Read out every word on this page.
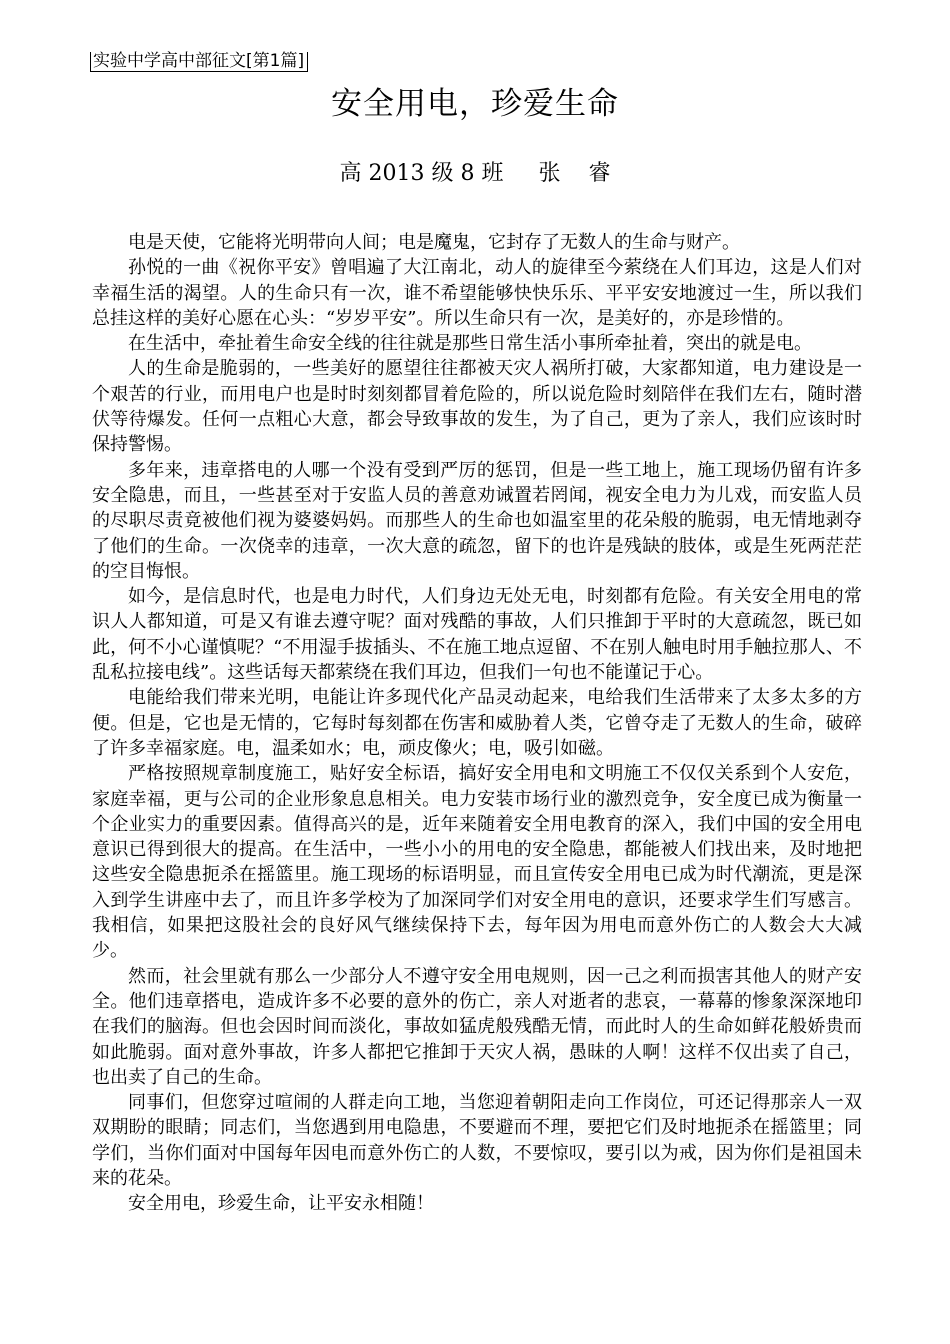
实验中学高中部征文[第1篇]
安全用电，珍爱生命
高 2013 级 8 班     张    睿

电是天使，它能将光明带向人间；电是魔鬼，它封存了无数人的生命与财产。

孙悦的一曲《祝你平安》曾唱遍了大江南北，动人的旋律至今萦绕在人们耳边，这是人们对幸福生活的渴望。人的生命只有一次，谁不希望能够快快乐乐、平平安安地渡过一生，所以我们总挂这样的美好心愿在心头：“岁岁平安”。所以生命只有一次，是美好的，亦是珍惜的。

在生活中，牵扯着生命安全线的往往就是那些日常生活小事所牵扯着，突出的就是电。

人的生命是脆弱的，一些美好的愿望往往都被天灾人祸所打破，大家都知道，电力建设是一个艰苦的行业，而用电户也是时时刻刻都冒着危险的，所以说危险时刻陪伴在我们左右，随时潜伏等待爆发。任何一点粗心大意，都会导致事故的发生，为了自己，更为了亲人，我们应该时时保持警惕。

多年来，违章搭电的人哪一个没有受到严厉的惩罚，但是一些工地上，施工现场仍留有许多安全隐患，而且，一些甚至对于安监人员的善意劝诫置若罔闻，视安全电力为儿戏，而安监人员的尽职尽责竟被他们视为婆婆妈妈。而那些人的生命也如温室里的花朵般的脆弱，电无情地剥夺了他们的生命。一次侥幸的违章，一次大意的疏忽，留下的也许是残缺的肢体，或是生死两茫茫的空目悔恨。

如今，是信息时代，也是电力时代，人们身边无处无电，时刻都有危险。有关安全用电的常识人人都知道，可是又有谁去遵守呢？面对残酷的事故，人们只推卸于平时的大意疏忽，既已如此，何不小心谨慎呢？“不用湿手拔插头、不在施工地点逗留、不在别人触电时用手触拉那人、不乱私拉接电线”。这些话每天都萦绕在我们耳边，但我们一句也不能谨记于心。

电能给我们带来光明，电能让许多现代化产品灵动起来，电给我们生活带来了太多太多的方便。但是，它也是无情的，它每时每刻都在伤害和威胁着人类，它曾夺走了无数人的生命，破碎了许多幸福家庭。电，温柔如水；电，顽皮像火；电，吸引如磁。

严格按照规章制度施工，贴好安全标语，搞好安全用电和文明施工不仅仅关系到个人安危，家庭幸福，更与公司的企业形象息息相关。电力安装市场行业的激烈竞争，安全度已成为衡量一个企业实力的重要因素。值得高兴的是，近年来随着安全用电教育的深入，我们中国的安全用电意识已得到很大的提高。在生活中，一些小小的用电的安全隐患，都能被人们找出来，及时地把这些安全隐患扼杀在摇篮里。施工现场的标语明显，而且宣传安全用电已成为时代潮流，更是深入到学生讲座中去了，而且许多学校为了加深同学们对安全用电的意识，还要求学生们写感言。我相信，如果把这股社会的良好风气继续保持下去，每年因为用电而意外伤亡的人数会大大减少。

然而，社会里就有那么一少部分人不遵守安全用电规则，因一己之利而损害其他人的财产安全。他们违章搭电，造成许多不必要的意外的伤亡，亲人对逝者的悲哀，一幕幕的惨象深深地印在我们的脑海。但也会因时间而淡化，事故如猛虎般残酷无情，而此时人的生命如鲜花般娇贵而如此脆弱。面对意外事故，许多人都把它推卸于天灾人祸，愚昧的人啊！这样不仅出卖了自己，也出卖了自己的生命。

同事们，但您穿过喧闹的人群走向工地，当您迎着朝阳走向工作岗位，可还记得那亲人一双双期盼的眼睛；同志们，当您遇到用电隐患，不要避而不理，要把它们及时地扼杀在摇篮里；同学们，当你们面对中国每年因电而意外伤亡的人数，不要惊叹，要引以为戒，因为你们是祖国未来的花朵。

安全用电，珍爱生命，让平安永相随！
